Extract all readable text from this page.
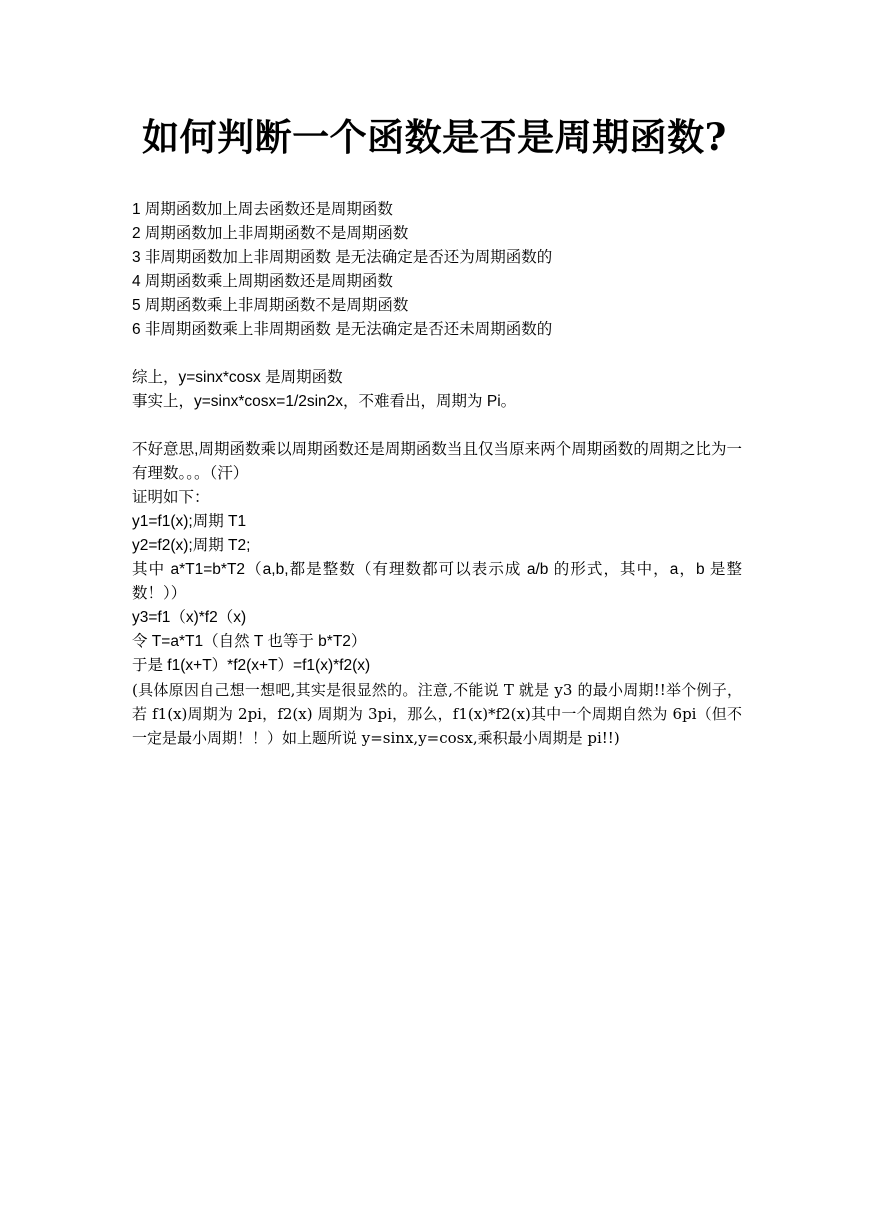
如何判断一个函数是否是周期函数?
1 周期函数加上周去函数还是周期函数
2 周期函数加上非周期函数不是周期函数
3 非周期函数加上非周期函数 是无法确定是否还为周期函数的
4 周期函数乘上周期函数还是周期函数
5 周期函数乘上非周期函数不是周期函数
6 非周期函数乘上非周期函数 是无法确定是否还未周期函数的
综上，y=sinx*cosx 是周期函数
事实上，y=sinx*cosx=1/2sin2x，不难看出，周期为 Pi。
不好意思,周期函数乘以周期函数还是周期函数当且仅当原来两个周期函数的周期之比为一有理数。。。（汗）
证明如下：
y1=f1(x);周期 T1
y2=f2(x);周期 T2;
其中 a*T1=b*T2（a,b,都是整数（有理数都可以表示成 a/b 的形式，其中，a，b 是整数！））
y3=f1（x)*f2（x)
令 T=a*T1（自然 T 也等于 b*T2）
于是 f1(x+T）*f2(x+T）=f1(x)*f2(x)
(具体原因自己想一想吧,其实是很显然的。注意,不能说 T 就是 y3 的最小周期!!举个例子，若 f1(x)周期为 2pi，f2(x) 周期为 3pi，那么，f1(x)*f2(x)其中一个周期自然为 6pi（但不一定是最小周期！！）如上题所说 y=sinx,y=cosx,乘积最小周期是 pi!!)
